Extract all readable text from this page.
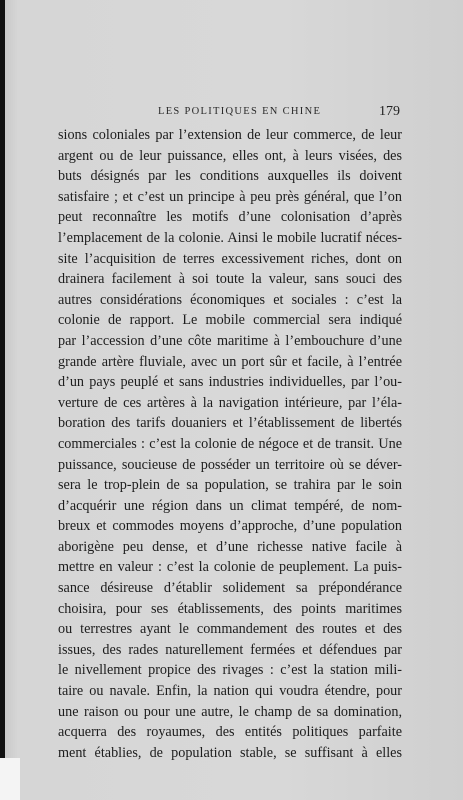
LES POLITIQUES EN CHINE	179
sions coloniales par l’extension de leur commerce, de leur
argent ou de leur puissance, elles ont, à leurs visées, des
buts désignés par les conditions auxquelles ils doivent
satisfaire ; et c’est un principe à peu près général, que l’on
peut reconnaître les motifs d’une colonisation d’après
l’emplacement de la colonie. Ainsi le mobile lucratif néces-
site l’acquisition de terres excessivement riches, dont on
drainera facilement à soi toute la valeur, sans souci des
autres considérations économiques et sociales : c’est la
colonie de rapport. Le mobile commercial sera indiqué
par l’accession d’une côte maritime à l’embouchure d’une
grande artère fluviale, avec un port sûr et facile, à l’entrée
d’un pays peuplé et sans industries individuelles, par l’ou-
verture de ces artères à la navigation intérieure, par l’éla-
boration des tarifs douaniers et l’établissement de libertés
commerciales : c’est la colonie de négoce et de transit. Une
puissance, soucieuse de posséder un territoire où se déver-
sera le trop-plein de sa population, se trahira par le soin
d’acquérir une région dans un climat tempéré, de nom-
breux et commodes moyens d’approche, d’une population
aborigène peu dense, et d’une richesse native facile à
mettre en valeur : c’est la colonie de peuplement. La puis-
sance désireuse d’établir solidement sa prépondérance
choisira, pour ses établissements, des points maritimes
ou terrestres ayant le commandement des routes et des
issues, des rades naturellement fermées et défendues par
le nivellement propice des rivages : c’est la station mili-
taire ou navale. Enfin, la nation qui voudra étendre, pour
une raison ou pour une autre, le champ de sa domination,
acquerra des royaumes, des entités politiques parfaite
ment établies, de population stable, se suffisant à elles
